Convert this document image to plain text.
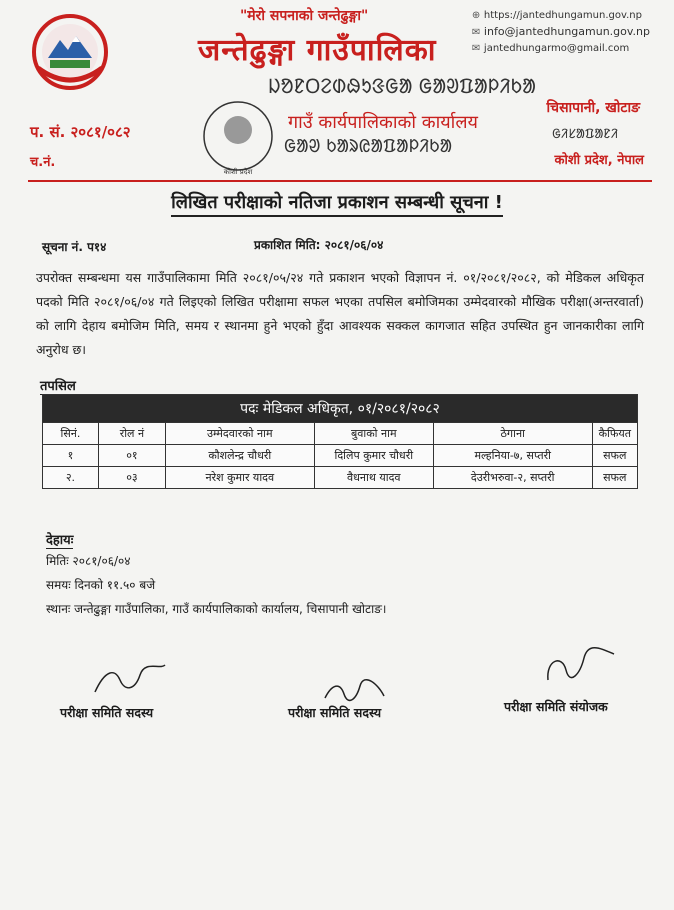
"मेरो सपनाको जन्तेढुङ्गा"
जन्तेढुङ्गा गाउँपालिका
ᱡᱚᱱᱛᱮᱰᱷᱩᱝᱜᱟ ᱜᱟᱣᱯᱟᱞᱤᱠᱟ
कोशी प्रदेश
गाउँ कार्यपालिकाको कार्यालय
ᱜᱟᱣ ᱠᱟᱨᱭᱟᱯᱟᱞᱤᱠᱟ
⊕ https://jantedhungamun.gov.np
✉ info@jantedhungamun.gov.np
✉ jantedhungarmo@gmail.com
प. सं. २०८१/०८२
च.नं.
चिसापानी, खोटाङ
ᱜᱤᱥᱟᱯᱟᱱᱤ
कोशी प्रदेश, नेपाल
लिखित परीक्षाको नतिजा प्रकाशन सम्बन्धी सूचना !
सूचना नं. प१४	प्रकाशित मिति: २०८१/०६/०४
उपरोक्त सम्बन्धमा यस गाउँपालिकामा मिति २०८१/०५/२४ गते प्रकाशन भएको विज्ञापन नं. ०१/२०८१/२०८२, को मेडिकल अधिकृत पदको मिति २०८१/०६/०४ गते लिइएको लिखित परीक्षामा सफल भएका तपसिल बमोजिमका उम्मेदवारको मौखिक परीक्षा(अन्तरवार्ता) को लागि देहाय बमोजिम मिति, समय र स्थानमा हुने भएको हुँदा आवश्यक सक्कल कागजात सहित उपस्थित हुन जानकारीका लागि अनुरोध छ।
तपसिल
पदः मेडिकल अधिकृत, ०१/२०८१/२०८२					
सिनं.	रोल नं	उम्मेदवारको नाम	बुवाको नाम	ठेगाना	कैफियत
१	०१	कौशलेन्द्र चौधरी	दिलिप कुमार चौधरी	मल्हनिया-७, सप्तरी	सफल
२.	०३	नरेश कुमार यादव	वैधनाथ यादव	देउरीभरुवा-२, सप्तरी	सफल
देहायः
मितिः २०८१/०६/०४
समयः दिनको ११.५० बजे
स्थानः जन्तेढुङ्गा गाउँपालिका, गाउँ कार्यपालिकाको कार्यालय, चिसापानी खोटाङ।
परीक्षा समिति सदस्य	परीक्षा समिति सदस्य	परीक्षा समिति संयोजक
